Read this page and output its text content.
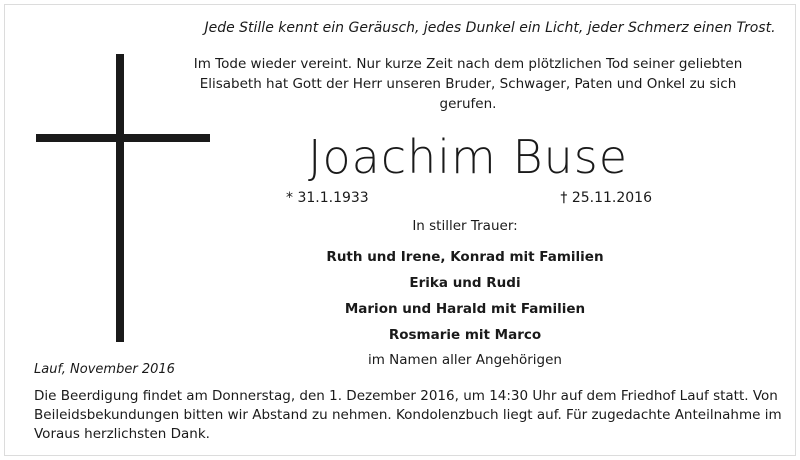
Jede Stille kennt ein Geräusch, jedes Dunkel ein Licht, jeder Schmerz einen Trost.
Im Tode wieder vereint. Nur kurze Zeit nach dem plötzlichen Tod seiner geliebten
Elisabeth hat Gott der Herr unseren Bruder, Schwager, Paten und Onkel zu sich
gerufen.
Joachim Buse
* 31.1.1933	† 25.11.2016
In stiller Trauer:
Ruth und Irene, Konrad mit Familien
Erika und Rudi
Marion und Harald mit Familien
Rosmarie mit Marco
im Namen aller Angehörigen
Lauf, November 2016
Die Beerdigung findet am Donnerstag, den 1. Dezember 2016, um 14:30 Uhr auf dem Friedhof Lauf statt. Von
Beileidsbekundungen bitten wir Abstand zu nehmen. Kondolenzbuch liegt auf. Für zugedachte Anteilnahme im
Voraus herzlichsten Dank.
